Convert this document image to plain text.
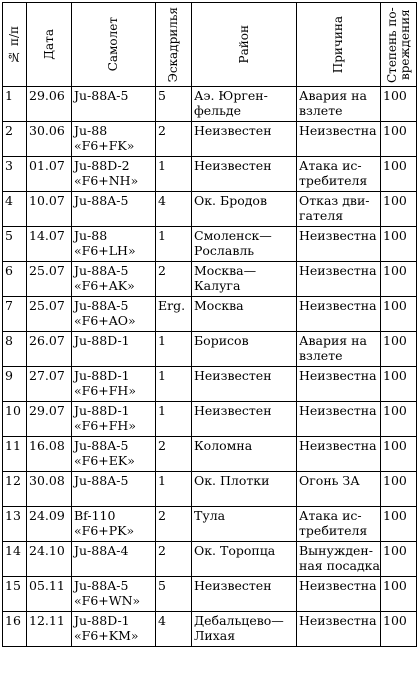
№ п/п	Дата	Самолет	Эскадрилья	Район	Причина	Степень по-
вреждения

1	29.06	Ju-88A-5	5	Аэ. Юрген-
фельде	Авария на
взлете	100
2	30.06	Ju-88
«F6+FK»	2	Неизвестен	Неизвестна	100
3	01.07	Ju-88D-2
«F6+NH»	1	Неизвестен	Атака ис-
требителя	100
4	10.07	Ju-88A-5	4	Ок. Бродов	Отказ дви-
гателя	100
5	14.07	Ju-88
«F6+LH»	1	Смоленск—
Рославль	Неизвестна	100
6	25.07	Ju-88A-5
«F6+AK»	2	Москва—
Калуга	Неизвестна	100
7	25.07	Ju-88A-5
«F6+AO»	Erg.	Москва	Неизвестна	100
8	26.07	Ju-88D-1	1	Борисов	Авария на
взлете	100
9	27.07	Ju-88D-1
«F6+FH»	1	Неизвестен	Неизвестна	100
10	29.07	Ju-88D-1
«F6+FH»	1	Неизвестен	Неизвестна	100
11	16.08	Ju-88A-5
«F6+EK»	2	Коломна	Неизвестна	100
12	30.08	Ju-88A-5	1	Ок. Плотки	Огонь ЗА	100
13	24.09	Bf-110
«F6+PK»	2	Тула	Атака ис-
требителя	100
14	24.10	Ju-88A-4	2	Ок. Торопца	Вынужден-
ная посадка	100
15	05.11	Ju-88A-5
«F6+WN»	5	Неизвестен	Неизвестна	100
16	12.11	Ju-88D-1
«F6+KM»	4	Дебальцево—
Лихая	Неизвестна	100
